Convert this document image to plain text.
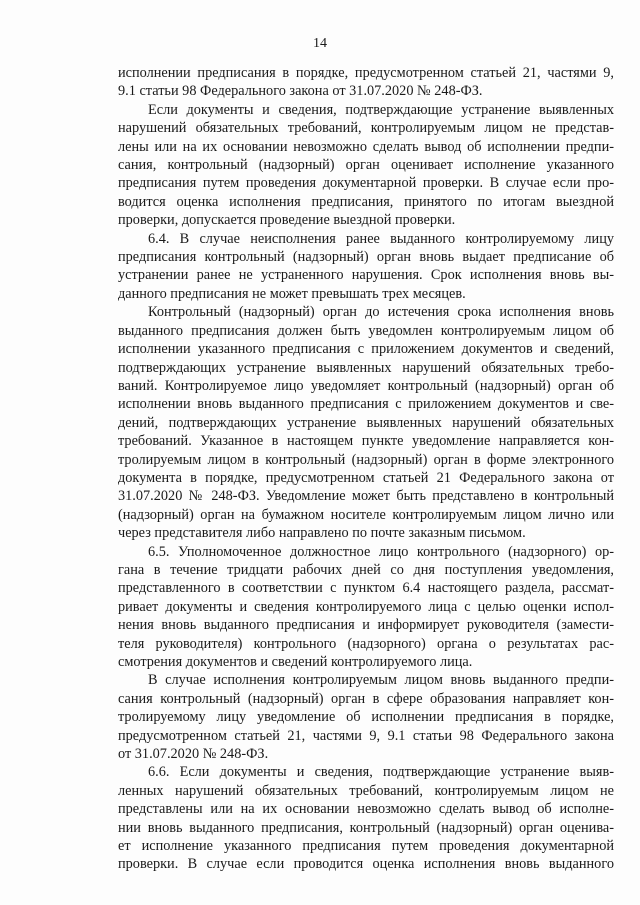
14
исполнении предписания в порядке, предусмотренном статьей 21, частями 9,
9.1 статьи 98 Федерального закона от 31.07.2020 № 248-ФЗ.
Если документы и сведения, подтверждающие устранение выявленных
нарушений обязательных требований, контролируемым лицом не представ-
лены или на их основании невозможно сделать вывод об исполнении предпи-
сания, контрольный (надзорный) орган оценивает исполнение указанного
предписания путем проведения документарной проверки. В случае если про-
водится оценка исполнения предписания, принятого по итогам выездной
проверки, допускается проведение выездной проверки.
6.4. В случае неисполнения ранее выданного контролируемому лицу
предписания контрольный (надзорный) орган вновь выдает предписание об
устранении ранее не устраненного нарушения. Срок исполнения вновь вы-
данного предписания не может превышать трех месяцев.
Контрольный (надзорный) орган до истечения срока исполнения вновь
выданного предписания должен быть уведомлен контролируемым лицом об
исполнении указанного предписания с приложением документов и сведений,
подтверждающих устранение выявленных нарушений обязательных требо-
ваний. Контролируемое лицо уведомляет контрольный (надзорный) орган об
исполнении вновь выданного предписания с приложением документов и све-
дений, подтверждающих устранение выявленных нарушений обязательных
требований. Указанное в настоящем пункте уведомление направляется кон-
тролируемым лицом в контрольный (надзорный) орган в форме электронного
документа в порядке, предусмотренном статьей 21 Федерального закона от
31.07.2020 № 248-ФЗ. Уведомление может быть представлено в контрольный
(надзорный) орган на бумажном носителе контролируемым лицом лично или
через представителя либо направлено по почте заказным письмом.
6.5. Уполномоченное должностное лицо контрольного (надзорного) ор-
гана в течение тридцати рабочих дней со дня поступления уведомления,
представленного в соответствии с пунктом 6.4 настоящего раздела, рассмат-
ривает документы и сведения контролируемого лица с целью оценки испол-
нения вновь выданного предписания и информирует руководителя (замести-
теля руководителя) контрольного (надзорного) органа о результатах рас-
смотрения документов и сведений контролируемого лица.
В случае исполнения контролируемым лицом вновь выданного предпи-
сания контрольный (надзорный) орган в сфере образования направляет кон-
тролируемому лицу уведомление об исполнении предписания в порядке,
предусмотренном статьей 21, частями 9, 9.1 статьи 98 Федерального закона
от 31.07.2020 № 248-ФЗ.
6.6. Если документы и сведения, подтверждающие устранение выяв-
ленных нарушений обязательных требований, контролируемым лицом не
представлены или на их основании невозможно сделать вывод об исполне-
нии вновь выданного предписания, контрольный (надзорный) орган оценива-
ет исполнение указанного предписания путем проведения документарной
проверки. В случае если проводится оценка исполнения вновь выданного
